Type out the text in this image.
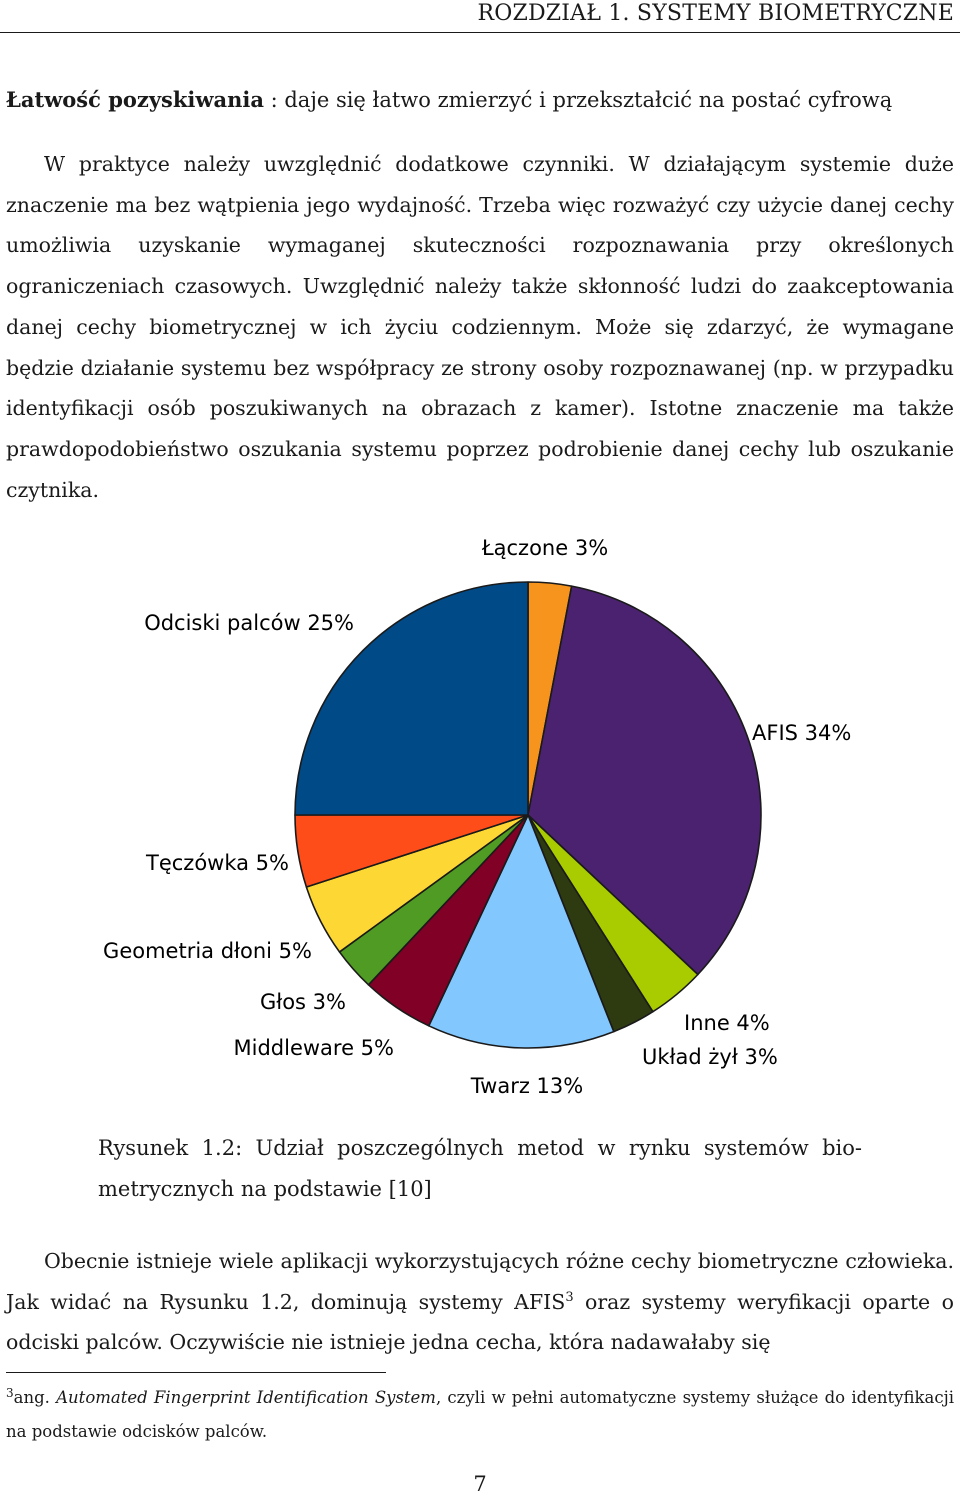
ROZDZIAŁ 1. SYSTEMY BIOMETRYCZNE
Łatwość pozyskiwania : daje się łatwo zmierzyć i przekształcić na postać cyfrową
W praktyce należy uwzględnić dodatkowe czynniki. W działającym systemie duże znaczenie ma bez wątpienia jego wydajność. Trzeba więc rozważyć czy użycie danej cechy umożliwia uzyskanie wymaganej skuteczności rozpoznawania przy określonych ograniczeniach czasowych. Uwzględnić należy także skłonność ludzi do zaakceptowania danej cechy biometrycznej w ich życiu codziennym. Może się zdarzyć, że wymagane będzie działanie systemu bez współpracy ze strony osoby rozpoznawanej (np. w przypadku identyfikacji osób poszukiwanych na obrazach z kamer). Istotne znaczenie ma także prawdopodobieństwo oszukania systemu poprzez podrobienie danej cechy lub oszukanie czytnika.
Łączone 3%
AFIS 34%
Inne 4%
Układ żył 3%
Twarz 13%
Middleware 5%
Głos 3%
Geometria dłoni 5%
Tęczówka 5%
Odciski palców 25%
Rysunek 1.2: Udział poszczególnych metod w rynku systemów biometrycznych na podstawie [10]
Obecnie istnieje wiele aplikacji wykorzystujących różne cechy biometryczne człowieka. Jak widać na Rysunku 1.2, dominują systemy AFIS$^3$ oraz systemy weryfikacji oparte o odciski palców. Oczywiście nie istnieje jedna cecha, która nadawałaby się
$^3$ang. Automated Fingerprint Identification System, czyli w pełni automatyczne systemy służące do identyfikacji na podstawie odcisków palców.
7
